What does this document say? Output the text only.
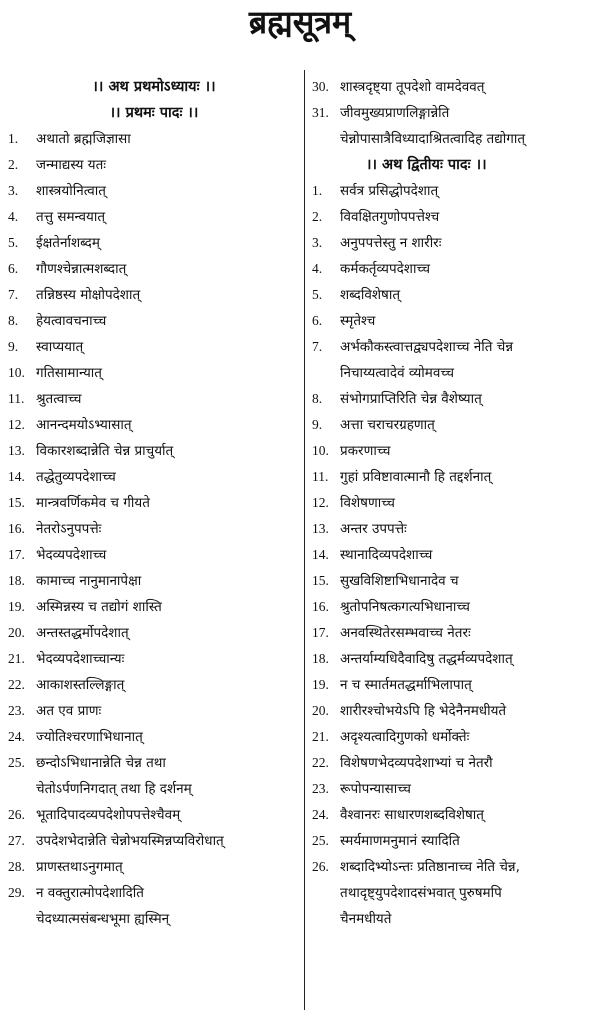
ब्रह्मसूत्रम्
।। अथ प्रथमोऽध्यायः ।।
।। प्रथमः पादः ।।
1.	अथातो ब्रह्मजिज्ञासा
2.	जन्माद्यस्य यतः
3.	शास्त्रयोनित्वात्
4.	तत्तु समन्वयात्
5.	ईक्षतेर्नाशब्दम्
6.	गौणश्चेन्नात्मशब्दात्
7.	तन्निष्ठस्य मोक्षोपदेशात्
8.	हेयत्वावचनाच्च
9.	स्वाप्ययात्
10. गतिसामान्यात्
11. श्रुतत्वाच्च
12. आनन्दमयोऽभ्यासात्
13. विकारशब्दान्नेति चेन्न प्राचुर्यात्
14. तद्धेतुव्यपदेशाच्च
15. मान्त्रवर्णिकमेव च गीयते
16. नेतरोऽनुपपत्तेः
17. भेदव्यपदेशाच्च
18. कामाच्च नानुमानापेक्षा
19. अस्मिन्नस्य च तद्योगं शास्ति
20. अन्तस्तद्धर्मोपदेशात्
21. भेदव्यपदेशाच्चान्यः
22. आकाशस्तल्लिङ्गात्
23. अत एव प्राणः
24. ज्योतिश्चरणाभिधानात्
25. छन्दोऽभिधानान्नेति चेन्न तथा
चेतोऽर्पणनिगदात् तथा हि दर्शनम्
26. भूतादिपादव्यपदेशोपपत्तेश्चैवम्
27. उपदेशभेदान्नेति चेन्नोभयस्मिन्नप्यविरोधात्
28. प्राणस्तथाऽनुगमात्
29. न वक्तुरात्मोपदेशादिति
चेदध्यात्मसंबन्धभूमा ह्यस्मिन्
30. शास्त्रदृष्ट्या तूपदेशो वामदेववत्
31. जीवमुख्यप्राणलिङ्गान्नेति
चेन्नोपासात्रैविध्यादाश्रितत्वादिह तद्योगात्
।। अथ द्वितीयः पादः ।।
1.	सर्वत्र प्रसिद्धोपदेशात्
2.	विवक्षितगुणोपपत्तेश्च
3.	अनुपपत्तेस्तु न शारीरः
4.	कर्मकर्तृव्यपदेशाच्च
5.	शब्दविशेषात्
6.	स्मृतेश्च
7.	अर्भकौकस्त्वात्तद्व्यपदेशाच्च नेति चेन्न
निचाय्यत्वादेवं व्योमवच्च
8.	संभोगप्राप्तिरिति चेन्न वैशेष्यात्
9.	अत्ता चराचरग्रहणात्
10. प्रकरणाच्च
11. गुहां प्रविष्टावात्मानौ हि तद्दर्शनात्
12. विशेषणाच्च
13. अन्तर उपपत्तेः
14. स्थानादिव्यपदेशाच्च
15. सुखविशिष्टाभिधानादेव च
16. श्रुतोपनिषत्कगत्यभिधानाच्च
17. अनवस्थितेरसम्भवाच्च नेतरः
18. अन्तर्याम्यधिदैवादिषु तद्धर्मव्यपदेशात्
19. न च स्मार्तमतद्धर्माभिलापात्
20. शारीरश्चोभयेऽपि हि भेदेनैनमधीयते
21. अदृश्यत्वादिगुणको धर्मोक्तेः
22. विशेषणभेदव्यपदेशाभ्यां च नेतरौ
23. रूपोपन्यासाच्च
24. वैश्वानरः साधारणशब्दविशेषात्
25. स्मर्यमाणमनुमानं स्यादिति
26. शब्दादिभ्योऽन्तः प्रतिष्ठानाच्च नेति चेन्न,
तथादृष्ट्युपदेशादसंभवात् पुरुषमपि
चैनमधीयते
